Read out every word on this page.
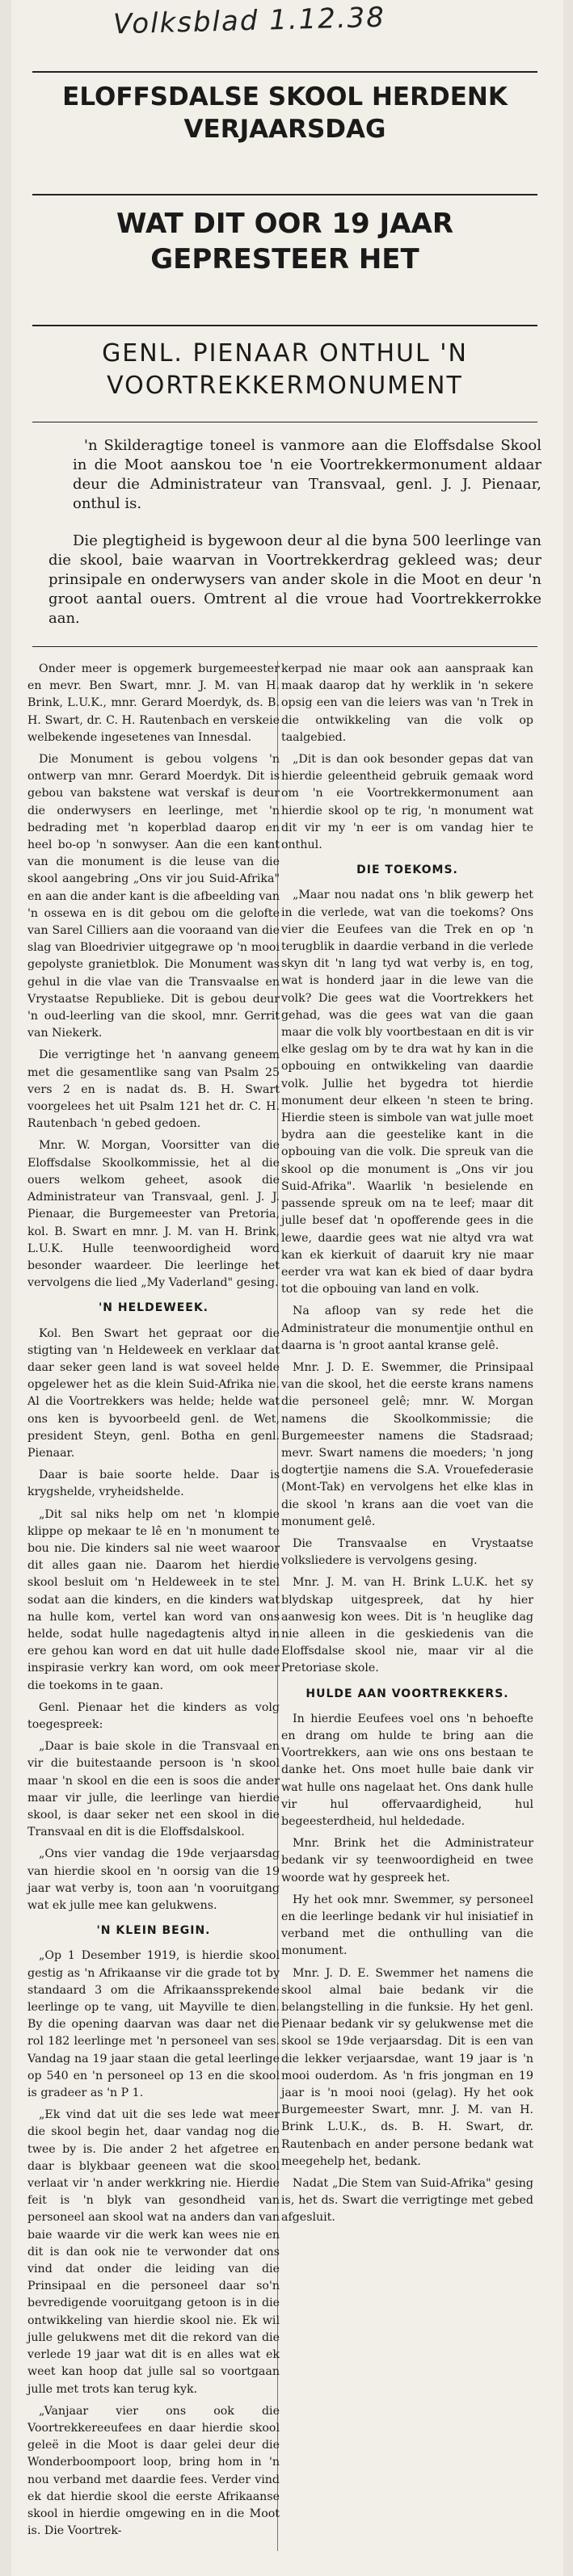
Volksblad 1.12.38
ELOFFSDALSE SKOOL HERDENK VERJAARSDAG
WAT DIT OOR 19 JAAR GEPRESTEER HET
GENL. PIENAAR ONTHUL 'N VOORTREKKERMONUMENT
'n Skilderagtige toneel is vanmore aan die Eloffsdalse Skool in die Moot aanskou toe 'n eie Voortrekkermonument aldaar deur die Administrateur van Transvaal, genl. J. J. Pienaar, onthul is.
Die plegtigheid is bygewoon deur al die byna 500 leerlinge van die skool, baie waarvan in Voortrekkerdrag gekleed was; deur prinsipale en onderwysers van ander skole in die Moot en deur 'n groot aantal ouers. Omtrent al die vroue had Voortrekkerrokke aan.

Onder meer is opgemerk burgemeester en mevr. Ben Swart, mnr. J. M. van H. Brink, L.U.K., mnr. Gerard Moerdyk, ds. B. H. Swart, dr. C. H. Rautenbach en verskeie welbekende ingesetenes van Innesdal.

Die Monument is gebou volgens 'n ontwerp van mnr. Gerard Moerdyk. Dit is gebou van bakstene wat verskaf is deur die onderwysers en leerlinge, met 'n bedrading met 'n koperblad daarop en heel bo-op 'n sonwyser. Aan die een kant van die monument is die leuse van die skool aangebring „Ons vir jou Suid-Afrika" en aan die ander kant is die afbeelding van 'n ossewa en is dit gebou om die gelofte van Sarel Cilliers aan die vooraand van die slag van Bloedrivier uitgegrawe op 'n mooi gepolyste granietblok. Die Monument was gehul in die vlae van die Transvaalse en Vrystaatse Republieke. Dit is gebou deur 'n oud-leerling van die skool, mnr. Gerrit van Niekerk.

Die verrigtinge het 'n aanvang geneem met die gesamentlike sang van Psalm 25 vers 2 en is nadat ds. B. H. Swart voorgelees het uit Psalm 121 het dr. C. H. Rautenbach 'n gebed gedoen.

Mnr. W. Morgan, Voorsitter van die Eloffsdalse Skoolkommissie, het al die ouers welkom geheet, asook die Administrateur van Transvaal, genl. J. J. Pienaar, die Burgemeester van Pretoria, kol. B. Swart en mnr. J. M. van H. Brink, L.U.K. Hulle teenwoordigheid word besonder waardeer. Die leerlinge het vervolgens die lied „My Vaderland" gesing.

'N HELDEWEEK.

Kol. Ben Swart het gepraat oor die stigting van 'n Heldeweek en verklaar dat daar seker geen land is wat soveel helde opgelewer het as die klein Suid-Afrika nie. Al die Voortrekkers was helde; helde wat ons ken is byvoorbeeld genl. de Wet, president Steyn, genl. Botha en genl. Pienaar.

Daar is baie soorte helde. Daar is krygshelde, vryheidshelde.

„Dit sal niks help om net 'n klompie klippe op mekaar te lê en 'n monument te bou nie. Die kinders sal nie weet waaroor dit alles gaan nie. Daarom het hierdie skool besluit om 'n Heldeweek in te stel sodat aan die kinders, en die kinders wat na hulle kom, vertel kan word van ons helde, sodat hulle nagedagtenis altyd in ere gehou kan word en dat uit hulle dade inspirasie verkry kan word, om ook meer die toekoms in te gaan.

Genl. Pienaar het die kinders as volg toegespreek:

„Daar is baie skole in die Transvaal en vir die buitestaande persoon is 'n skool maar 'n skool en die een is soos die ander maar vir julle, die leerlinge van hierdie skool, is daar seker net een skool in die Transvaal en dit is die Eloffsdalskool.

„Ons vier vandag die 19de verjaarsdag van hierdie skool en 'n oorsig van die 19 jaar wat verby is, toon aan 'n vooruitgang wat ek julle mee kan gelukwens.

'N KLEIN BEGIN.

„Op 1 Desember 1919, is hierdie skool gestig as 'n Afrikaanse vir die grade tot by standaard 3 om die Afrikaanssprekende leerlinge op te vang, uit Mayville te dien. By die opening daarvan was daar net die rol 182 leerlinge met 'n personeel van ses. Vandag na 19 jaar staan die getal leerlinge op 540 en 'n personeel op 13 en die skool is gradeer as 'n P 1.

„Ek vind dat uit die ses lede wat meer die skool begin het, daar vandag nog die twee by is. Die ander 2 het afgetree en daar is blykbaar geeneen wat die skool verlaat vir 'n ander werkkring nie. Hierdie feit is 'n blyk van gesondheid van personeel aan skool wat na anders dan van baie waarde vir die werk kan wees nie en dit is dan ook nie te verwonder dat ons vind dat onder die leiding van die Prinsipaal en die personeel daar so'n bevredigende vooruitgang getoon is in die ontwikkeling van hierdie skool nie. Ek wil julle gelukwens met dit die rekord van die verlede 19 jaar wat dit is en alles wat ek weet kan hoop dat julle sal so voortgaan julle met trots kan terug kyk.

„Vanjaar vier ons ook die Voortrekkereeufees en daar hierdie skool geleë in die Moot is daar gelei deur die Wonderboompoort loop, bring hom in 'n nou verband met daardie fees. Verder vind ek dat hierdie skool die eerste Afrikaanse skool in hierdie omgewing en in die Moot is. Die Voortrek-

kerpad nie maar ook aan aanspraak kan maak daarop dat hy werklik in 'n sekere opsig een van die leiers was van 'n Trek in die ontwikkeling van die volk op taalgebied.

„Dit is dan ook besonder gepas dat van hierdie geleentheid gebruik gemaak word om 'n eie Voortrekkermonument aan hierdie skool op te rig, 'n monument wat dit vir my 'n eer is om vandag hier te onthul.

DIE TOEKOMS.

„Maar nou nadat ons 'n blik gewerp het in die verlede, wat van die toekoms? Ons vier die Eeufees van die Trek en op 'n terugblik in daardie verband in die verlede skyn dit 'n lang tyd wat verby is, en tog, wat is honderd jaar in die lewe van die volk? Die gees wat die Voortrekkers het gehad, was die gees wat van die gaan maar die volk bly voortbestaan en dit is vir elke geslag om by te dra wat hy kan in die opbouing en ontwikkeling van daardie volk. Jullie het bygedra tot hierdie monument deur elkeen 'n steen te bring. Hierdie steen is simbole van wat julle moet bydra aan die geestelike kant in die opbouing van die volk. Die spreuk van die skool op die monument is „Ons vir jou Suid-Afrika". Waarlik 'n besielende en passende spreuk om na te leef; maar dit julle besef dat 'n opofferende gees in die lewe, daardie gees wat nie altyd vra wat kan ek kierkuit of daaruit kry nie maar eerder vra wat kan ek bied of daar bydra tot die opbouing van land en volk.

Na afloop van sy rede het die Administrateur die monumentjie onthul en daarna is 'n groot aantal kranse gelê.

Mnr. J. D. E. Swemmer, die Prinsipaal van die skool, het die eerste krans namens die personeel gelê; mnr. W. Morgan namens die Skoolkommissie; die Burgemeester namens die Stadsraad; mevr. Swart namens die moeders; 'n jong dogtertjie namens die S.A. Vrouefederasie (Mont-Tak) en vervolgens het elke klas in die skool 'n krans aan die voet van die monument gelê.

Die Transvaalse en Vrystaatse volksliedere is vervolgens gesing.

Mnr. J. M. van H. Brink L.U.K. het sy blydskap uitgespreek, dat hy hier aanwesig kon wees. Dit is 'n heuglike dag nie alleen in die geskiedenis van die Eloffsdalse skool nie, maar vir al die Pretoriase skole.

HULDE AAN VOORTREKKERS.

In hierdie Eeufees voel ons 'n behoefte en drang om hulde te bring aan die Voortrekkers, aan wie ons ons bestaan te danke het. Ons moet hulle baie dank vir wat hulle ons nagelaat het. Ons dank hulle vir hul offervaardigheid, hul begeesterdheid, hul heldedade.

Mnr. Brink het die Administrateur bedank vir sy teenwoordigheid en twee woorde wat hy gespreek het.

Hy het ook mnr. Swemmer, sy personeel en die leerlinge bedank vir hul inisiatief in verband met die onthulling van die monument.

Mnr. J. D. E. Swemmer het namens die skool almal baie bedank vir die belangstelling in die funksie. Hy het genl. Pienaar bedank vir sy gelukwense met die skool se 19de verjaarsdag. Dit is een van die lekker verjaarsdae, want 19 jaar is 'n mooi ouderdom. As 'n fris jongman en 19 jaar is 'n mooi nooi (gelag). Hy het ook Burgemeester Swart, mnr. J. M. van H. Brink L.U.K., ds. B. H. Swart, dr. Rautenbach en ander persone bedank wat meegehelp het, bedank.

Nadat „Die Stem van Suid-Afrika" gesing is, het ds. Swart die verrigtinge met gebed afgesluit.
